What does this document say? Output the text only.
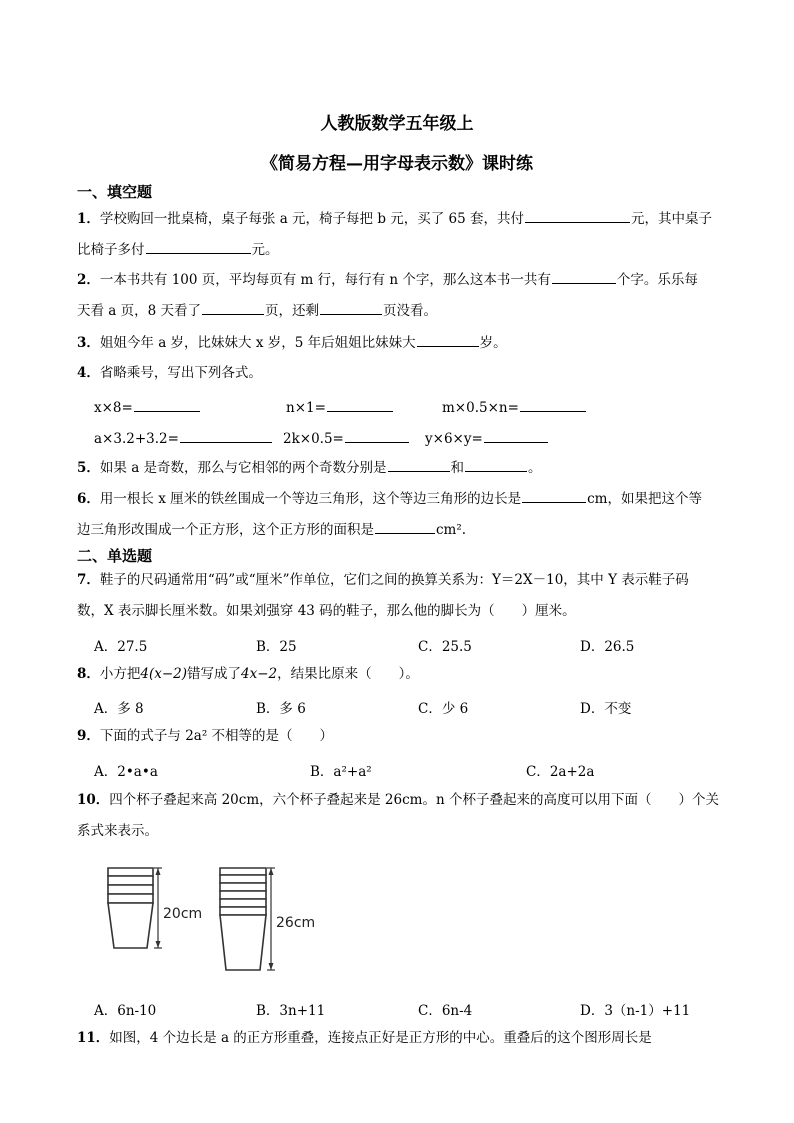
人教版数学五年级上
《简易方程—用字母表示数》课时练
一、填空题
1．学校购回一批桌椅，桌子每张 a 元，椅子每把 b 元，买了 65 套，共付	元，其中桌子
比椅子多付	元。
2．一本书共有 100 页，平均每页有 m 行，每行有 n 个字，那么这本书一共有	个字。乐乐每
天看 a 页，8 天看了	页，还剩	页没看。
3．姐姐今年 a 岁，比妹妹大 x 岁，5 年后姐姐比妹妹大	岁。
4．省略乘号，写出下列各式。
x×8=	n×1=	m×0.5×n=
a×3.2+3.2=	2k×0.5=	y×6×y=
5．如果 a 是奇数，那么与它相邻的两个奇数分别是	和	。
6．用一根长 x 厘米的铁丝围成一个等边三角形，这个等边三角形的边长是	cm，如果把这个等
边三角形改围成一个正方形，这个正方形的面积是	cm².
二、单选题
7．鞋子的尺码通常用“码”或“厘米”作单位，它们之间的换算关系为：Y＝2X－10，其中 Y 表示鞋子码
数，X 表示脚长厘米数。如果刘强穿 43 码的鞋子，那么他的脚长为（　　）厘米。
A．27.5	B．25	C．25.5	D．26.5
8．小方把4(x−2)错写成了4x−2，结果比原来（　　）。
A．多 8	B．多 6	C．少 6	D．不变
9．下面的式子与 2a² 不相等的是（　　）
A．2•a•a	B．a²+a²	C．2a+2a
10．四个杯子叠起来高 20cm，六个杯子叠起来是 26cm。n 个杯子叠起来的高度可以用下面（　　）个关
系式来表示。
20cm
26cm
A．6n-10	B．3n+11	C．6n-4	D．3（n-1）+11
11．如图，4 个边长是 a 的正方形重叠，连接点正好是正方形的中心。重叠后的这个图形周长是
